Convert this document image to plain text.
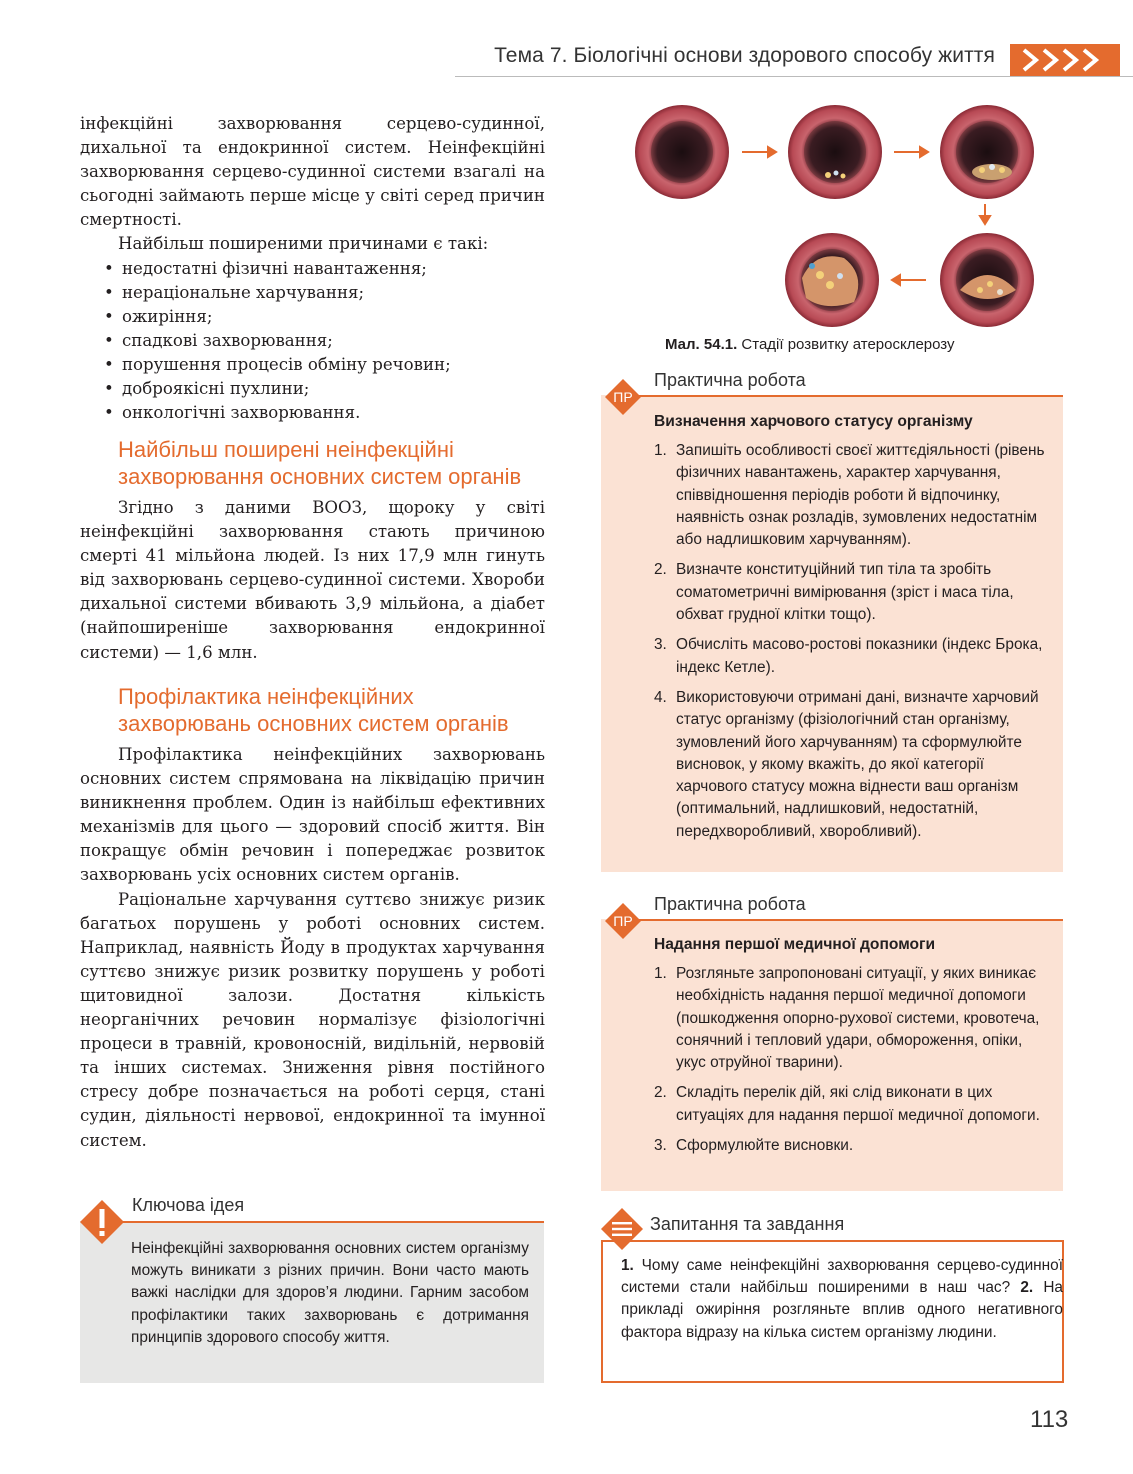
Тема 7. Біологічні основи здорового способу життя

інфекційні захворювання серцево-судинної, дихальної та ендокринної систем. Неінфекційні захворювання серцево-судинної системи взагалі на сьогодні займають перше місце у світі серед причин смертності.

Найбільш поширеними причинами є такі:

• недостатні фізичні навантаження;
• нераціональне харчування;
• ожиріння;
• спадкові захворювання;
• порушення процесів обміну речовин;
• доброякісні пухлини;
• онкологічні захворювання.
Найбільш поширені неінфекційні захворювання основних систем органів

Згідно з даними ВООЗ, щороку у світі неінфекційні захворювання стають причиною смерті 41 мільйона людей. Із них 17,9 млн гинуть від захворювань серцево-судинної системи. Хвороби дихальної системи вбивають 3,9 мільйона, а діабет (найпоширеніше захворювання ендокринної системи) — 1,6 млн.

Профілактика неінфекційних захворювань основних систем органів

Профілактика неінфекційних захворювань основних систем спрямована на ліквідацію причин виникнення проблем. Один із найбільш ефективних механізмів для цього — здоровий спосіб життя. Він покращує обмін речовин і попереджає розвиток захворювань усіх основних систем органів.

Раціональне харчування суттєво знижує ризик багатьох порушень у роботі основних систем. Наприклад, наявність Йоду в продуктах харчування суттєво знижує ризик розвитку порушень у роботі щитовидної залози. Достатня кількість неорганічних речовин нормалізує фізіологічні процеси в травній, кровоносній, видільній, нервовій та інших системах. Зниження рівня постійного стресу добре позначається на роботі серця, стані судин, діяльності нервової, ендокринної та імунної систем.

Ключова ідея
Неінфекційні захворювання основних систем організму можуть виникати з різних причин. Вони часто мають важкі наслідки для здоров’я людини. Гарним засобом профілактики таких захворювань є дотримання принципів здорового способу життя.
Мал. 54.1. Стадії розвитку атеросклерозу
ПР
Практична робота
Визначення харчового статусу організму
1. Запишіть особливості своєї життєдіяльності (рівень фізичних навантажень, характер харчування, співвідношення періодів роботи й відпочинку, наявність ознак розладів, зумовлених недостатнім або надлишковим харчуванням).
2. Визначте конституційний тип тіла та зробіть соматометричні вимірювання (зріст і маса тіла, обхват грудної клітки тощо).
3. Обчисліть масово-ростові показники (індекс Брока, індекс Кетле).
4. Використовуючи отримані дані, визначте харчовий статус організму (фізіологічний стан організму, зумовлений його харчуванням) та сформулюйте висновок, у якому вкажіть, до якої категорії харчового статусу можна віднести ваш організм (оптимальний, надлишковий, недостатній, передхворобливий, хворобливий).
ПР
Практична робота
Надання першої медичної допомоги
1. Розгляньте запропоновані ситуації, у яких виникає необхідність надання першої медичної допомоги (пошкодження опорно-рухової системи, кровотеча, сонячний і тепловий удари, обмороження, опіки, укус отруйної тварини).
2. Складіть перелік дій, які слід виконати в цих ситуаціях для надання першої медичної допомоги.
3. Сформулюйте висновки.
Запитання та завдання
1. Чому саме неінфекційні захворювання серцево-судинної системи стали найбільш поширеними в наш час? 2. На прикладі ожиріння розгляньте вплив одного негативного фактора відразу на кілька систем організму людини.
113
